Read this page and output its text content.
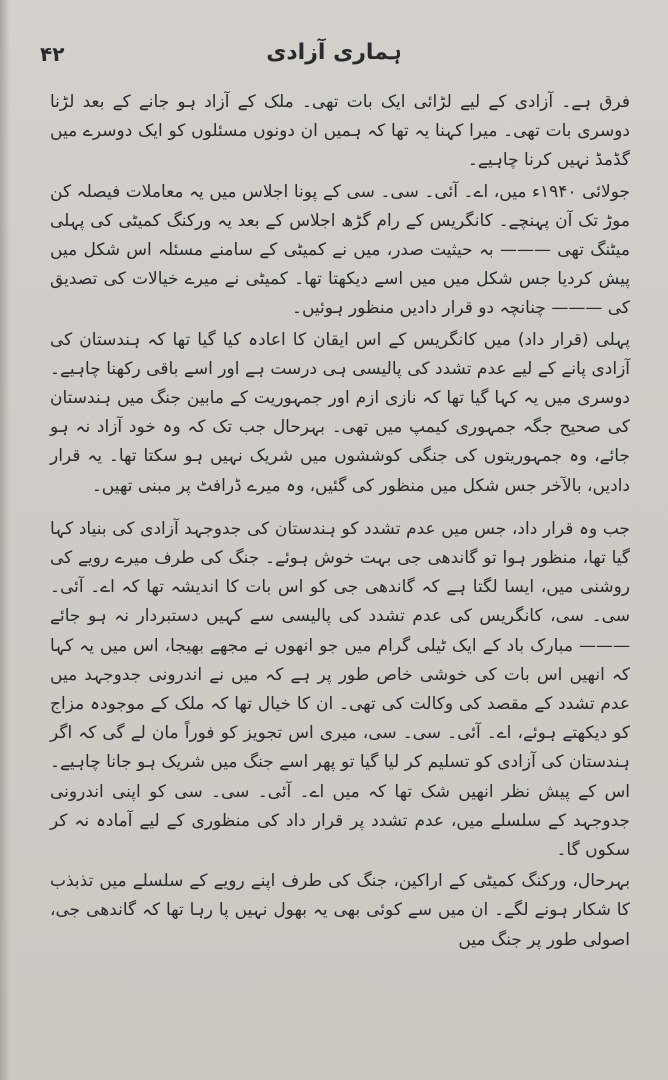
ہماری آزادی
۴۲

فرق ہے۔ آزادی کے لیے لڑائی ایک بات تھی۔ ملک کے آزاد ہو جانے کے بعد لڑنا دوسری بات تھی۔ میرا کہنا یہ تھا کہ ہمیں ان دونوں مسئلوں کو ایک دوسرے میں گڈمڈ نہیں کرنا چاہیے۔

جولائی ۱۹۴۰ء میں، اے۔ آئی۔ سی۔ سی کے پونا اجلاس میں یہ معاملات فیصلہ کن موڑ تک آن پہنچے۔ کانگریس کے رام گڑھ اجلاس کے بعد یہ ورکنگ کمیٹی کی پہلی میٹنگ تھی ——— بہ حیثیت صدر، میں نے کمیٹی کے سامنے مسئلہ اس شکل میں پیش کردیا جس شکل میں میں اسے دیکھتا تھا۔ کمیٹی نے میرے خیالات کی تصدیق کی ——— چنانچہ دو قرار دادیں منظور ہوئیں۔

پہلی (قرار داد) میں کانگریس کے اس ایقان کا اعادہ کیا گیا تھا کہ ہندستان کی آزادی پانے کے لیے عدم تشدد کی پالیسی ہی درست ہے اور اسے باقی رکھنا چاہیے۔ دوسری میں یہ کہا گیا تھا کہ نازی ازم اور جمہوریت کے مابین جنگ میں ہندستان کی صحیح جگہ جمہوری کیمپ میں تھی۔ بہرحال جب تک کہ وہ خود آزاد نہ ہو جائے، وہ جمہوریتوں کی جنگی کوششوں میں شریک نہیں ہو سکتا تھا۔ یہ قرار دادیں، بالآخر جس شکل میں منظور کی گئیں، وہ میرے ڈرافٹ پر مبنی تھیں۔

جب وہ قرار داد، جس میں عدم تشدد کو ہندستان کی جدوجہد آزادی کی بنیاد کہا گیا تھا، منظور ہوا تو گاندھی جی بہت خوش ہوئے۔ جنگ کی طرف میرے رویے کی روشنی میں، ایسا لگتا ہے کہ گاندھی جی کو اس بات کا اندیشہ تھا کہ اے۔ آئی۔ سی۔ سی، کانگریس کی عدم تشدد کی پالیسی سے کہیں دستبردار نہ ہو جائے ——— مبارک باد کے ایک ٹیلی گرام میں جو انھوں نے مجھے بھیجا، اس میں یہ کہا کہ انھیں اس بات کی خوشی خاص طور پر ہے کہ میں نے اندرونی جدوجہد میں عدم تشدد کے مقصد کی وکالت کی تھی۔ ان کا خیال تھا کہ ملک کے موجودہ مزاج کو دیکھتے ہوئے، اے۔ آئی۔ سی۔ سی، میری اس تجویز کو فوراً مان لے گی کہ اگر ہندستان کی آزادی کو تسلیم کر لیا گیا تو پھر اسے جنگ میں شریک ہو جانا چاہیے۔ اس کے پیش نظر انھیں شک تھا کہ میں اے۔ آئی۔ سی۔ سی کو اپنی اندرونی جدوجہد کے سلسلے میں، عدم تشدد پر قرار داد کی منظوری کے لیے آمادہ نہ کر سکوں گا۔

بہرحال، ورکنگ کمیٹی کے اراکین، جنگ کی طرف اپنے رویے کے سلسلے میں تذبذب کا شکار ہونے لگے۔ ان میں سے کوئی بھی یہ بھول نہیں پا رہا تھا کہ گاندھی جی، اصولی طور پر جنگ میں
